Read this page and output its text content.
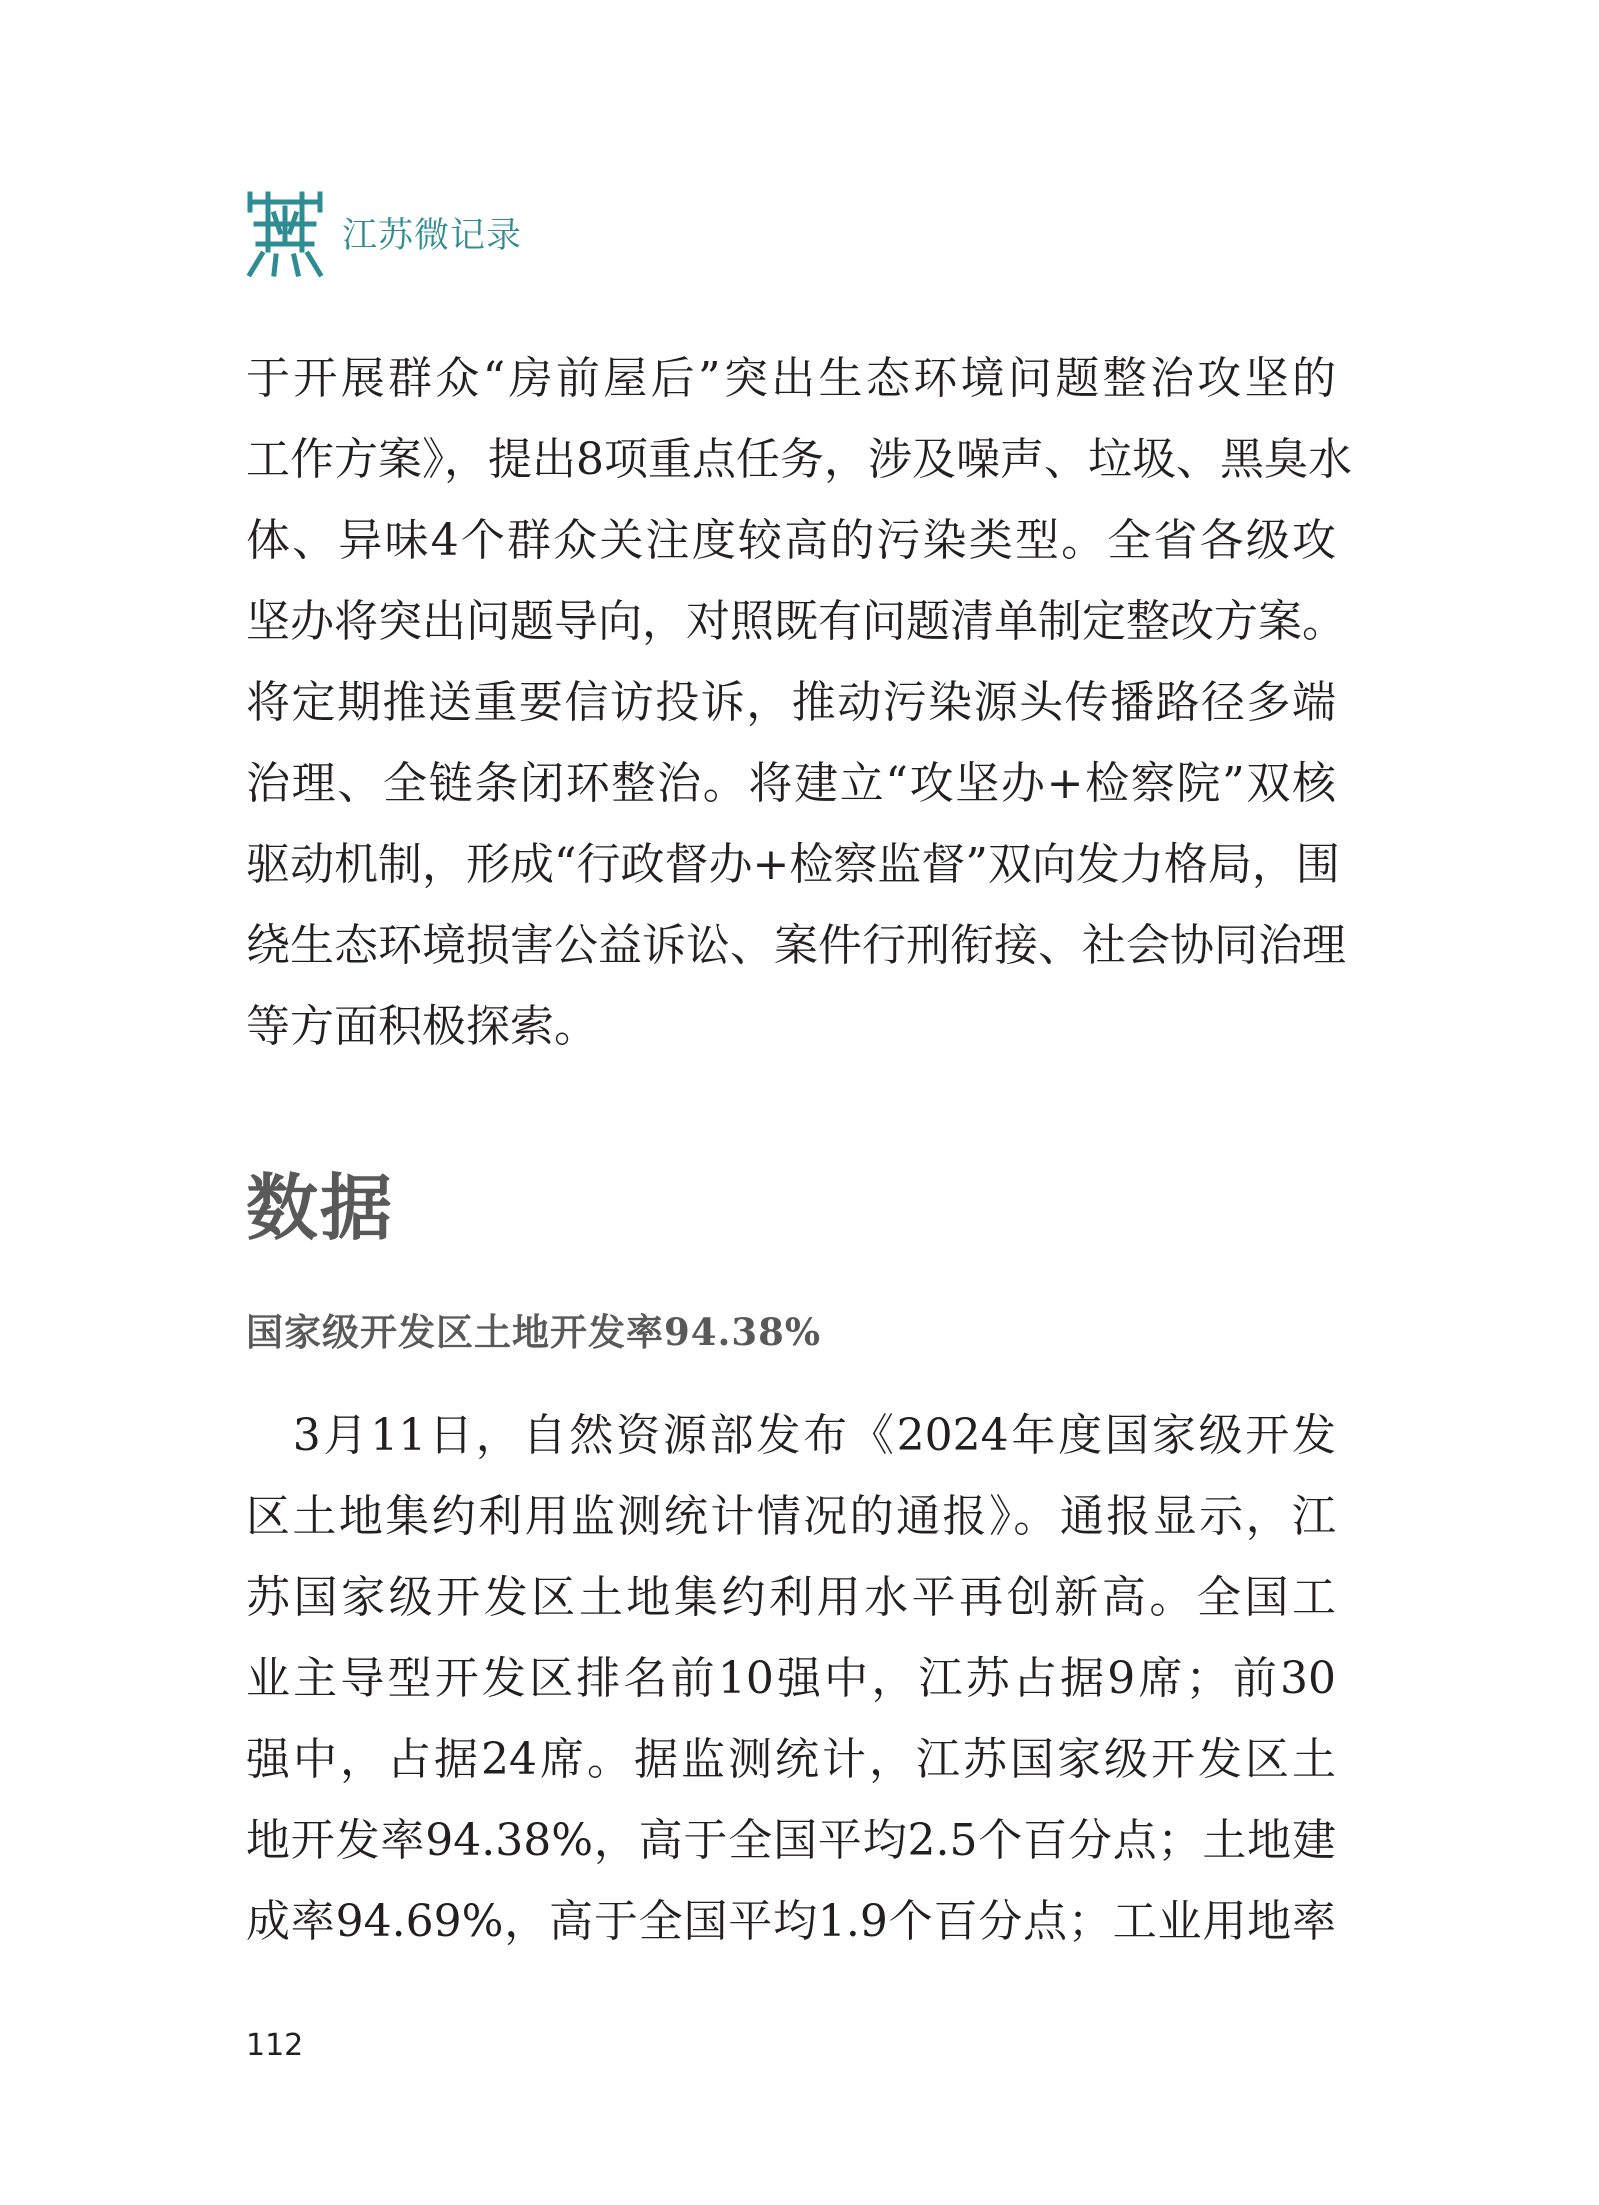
江苏微记录
于开展群众“房前屋后”突出生态环境问题整治攻坚的
工作方案》，提出8项重点任务，涉及噪声、垃圾、黑臭水
体、异味4个群众关注度较高的污染类型。全省各级攻
坚办将突出问题导向，对照既有问题清单制定整改方案。
将定期推送重要信访投诉，推动污染源头传播路径多端
治理、全链条闭环整治。将建立“攻坚办+检察院”双核
驱动机制，形成“行政督办+检察监督”双向发力格局，围
绕生态环境损害公益诉讼、案件行刑衔接、社会协同治理
等方面积极探索。
数据
国家级开发区土地开发率94.38%
　3月11日，自然资源部发布《2024年度国家级开发
区土地集约利用监测统计情况的通报》。通报显示，江
苏国家级开发区土地集约利用水平再创新高。全国工
业主导型开发区排名前10强中，江苏占据9席；前30
强中，占据24席。据监测统计，江苏国家级开发区土
地开发率94.38%，高于全国平均2.5个百分点；土地建
成率94.69%，高于全国平均1.9个百分点；工业用地率
112
